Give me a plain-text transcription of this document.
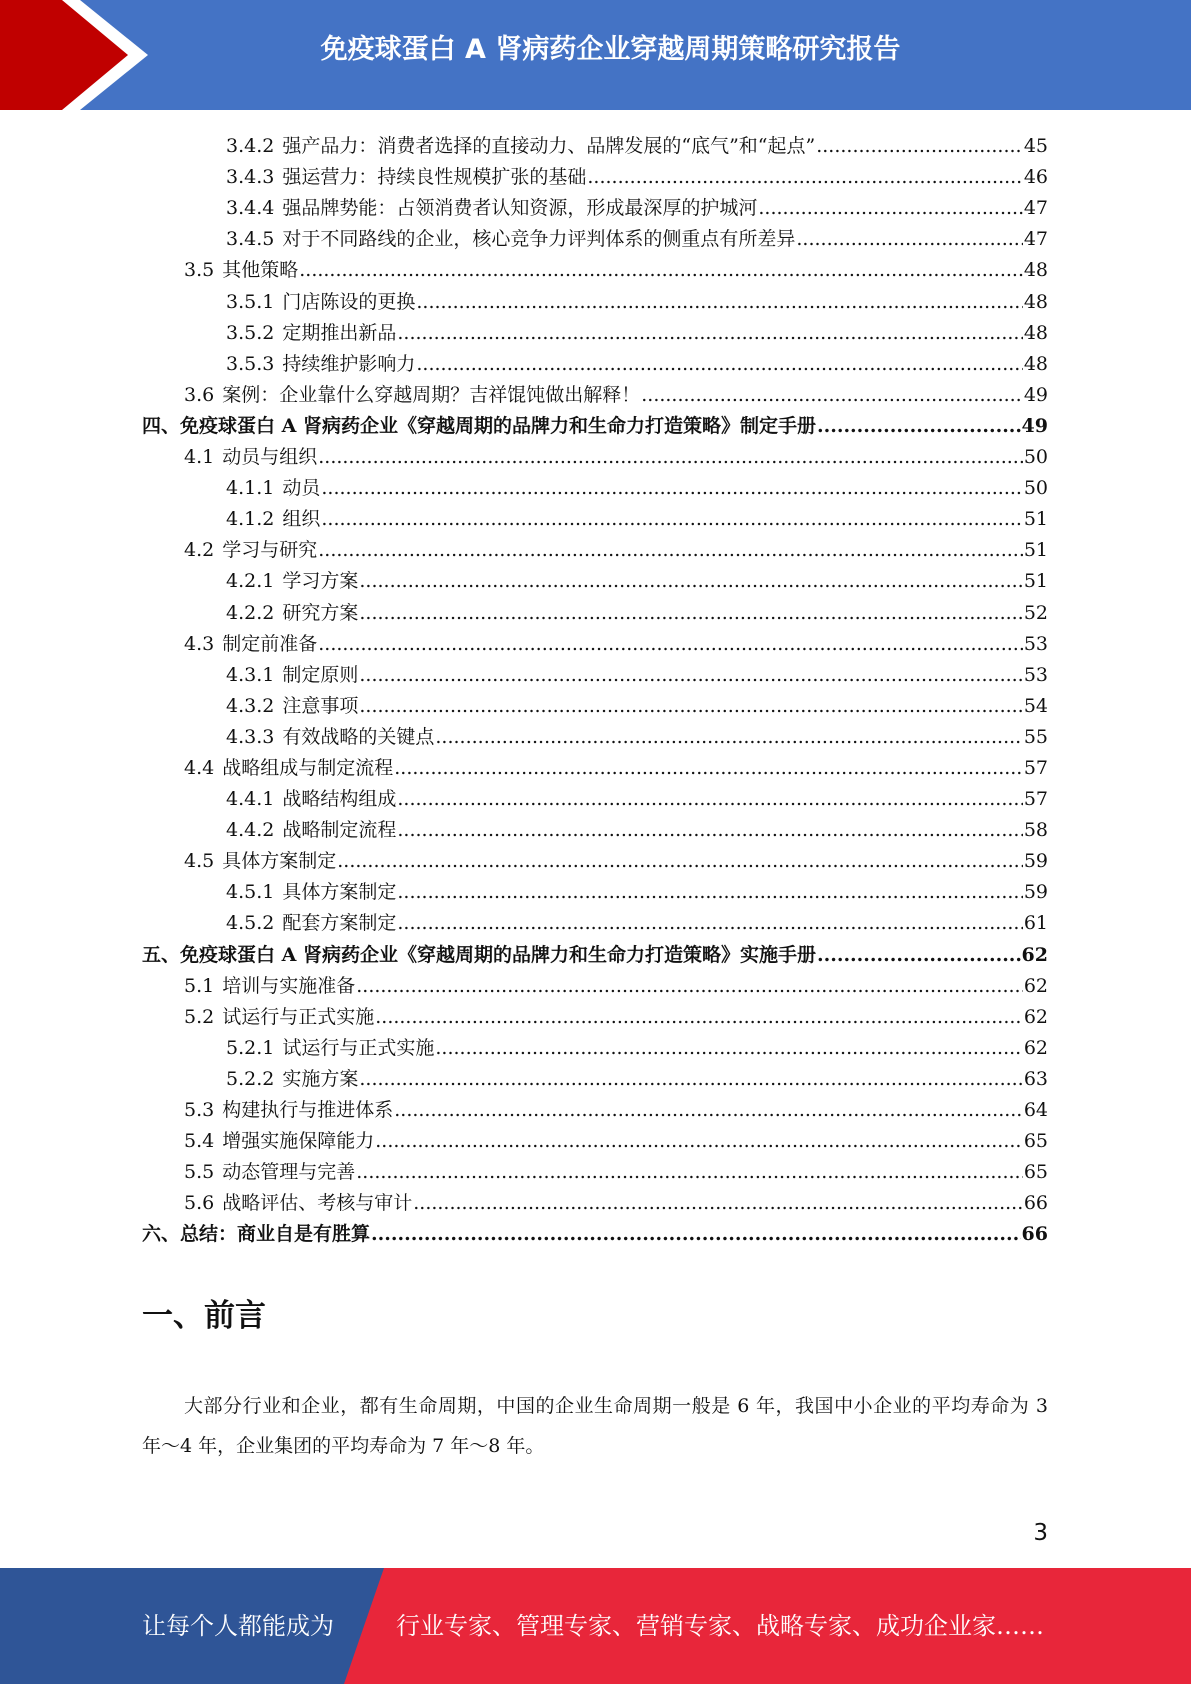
免疫球蛋白 A 肾病药企业穿越周期策略研究报告
3.4.2 强产品力：消费者选择的直接动力、品牌发展的“底气”和“起点” .....	45
3.4.3 强运营力：持续良性规模扩张的基础 .....	46
3.4.4 强品牌势能：占领消费者认知资源，形成最深厚的护城河 .....	47
3.4.5 对于不同路线的企业，核心竞争力评判体系的侧重点有所差异 .....	47
3.5 其他策略 .....	48
3.5.1 门店陈设的更换 .....	48
3.5.2 定期推出新品 .....	48
3.5.3 持续维护影响力 .....	48
3.6 案例：企业靠什么穿越周期？吉祥馄饨做出解释！ .....	49
四、免疫球蛋白 A 肾病药企业《穿越周期的品牌力和生命力打造策略》制定手册 .....	49
4.1 动员与组织 .....	50
4.1.1 动员 .....	50
4.1.2 组织 .....	51
4.2 学习与研究 .....	51
4.2.1 学习方案 .....	51
4.2.2 研究方案 .....	52
4.3 制定前准备 .....	53
4.3.1 制定原则 .....	53
4.3.2 注意事项 .....	54
4.3.3 有效战略的关键点 .....	55
4.4 战略组成与制定流程 .....	57
4.4.1 战略结构组成 .....	57
4.4.2 战略制定流程 .....	58
4.5 具体方案制定 .....	59
4.5.1 具体方案制定 .....	59
4.5.2 配套方案制定 .....	61
五、免疫球蛋白 A 肾病药企业《穿越周期的品牌力和生命力打造策略》实施手册 .....	62
5.1 培训与实施准备 .....	62
5.2 试运行与正式实施 .....	62
5.2.1 试运行与正式实施 .....	62
5.2.2 实施方案 .....	63
5.3 构建执行与推进体系 .....	64
5.4 增强实施保障能力 .....	65
5.5 动态管理与完善 .....	65
5.6 战略评估、考核与审计 .....	66
六、总结：商业自是有胜算 .....	66
一、前言
大部分行业和企业，都有生命周期，中国的企业生命周期一般是 6 年，我国中小企业的平均寿命为 3 年～4 年，企业集团的平均寿命为 7 年～8 年。
3
让每个人都能成为	行业专家、管理专家、营销专家、战略专家、成功企业家……
